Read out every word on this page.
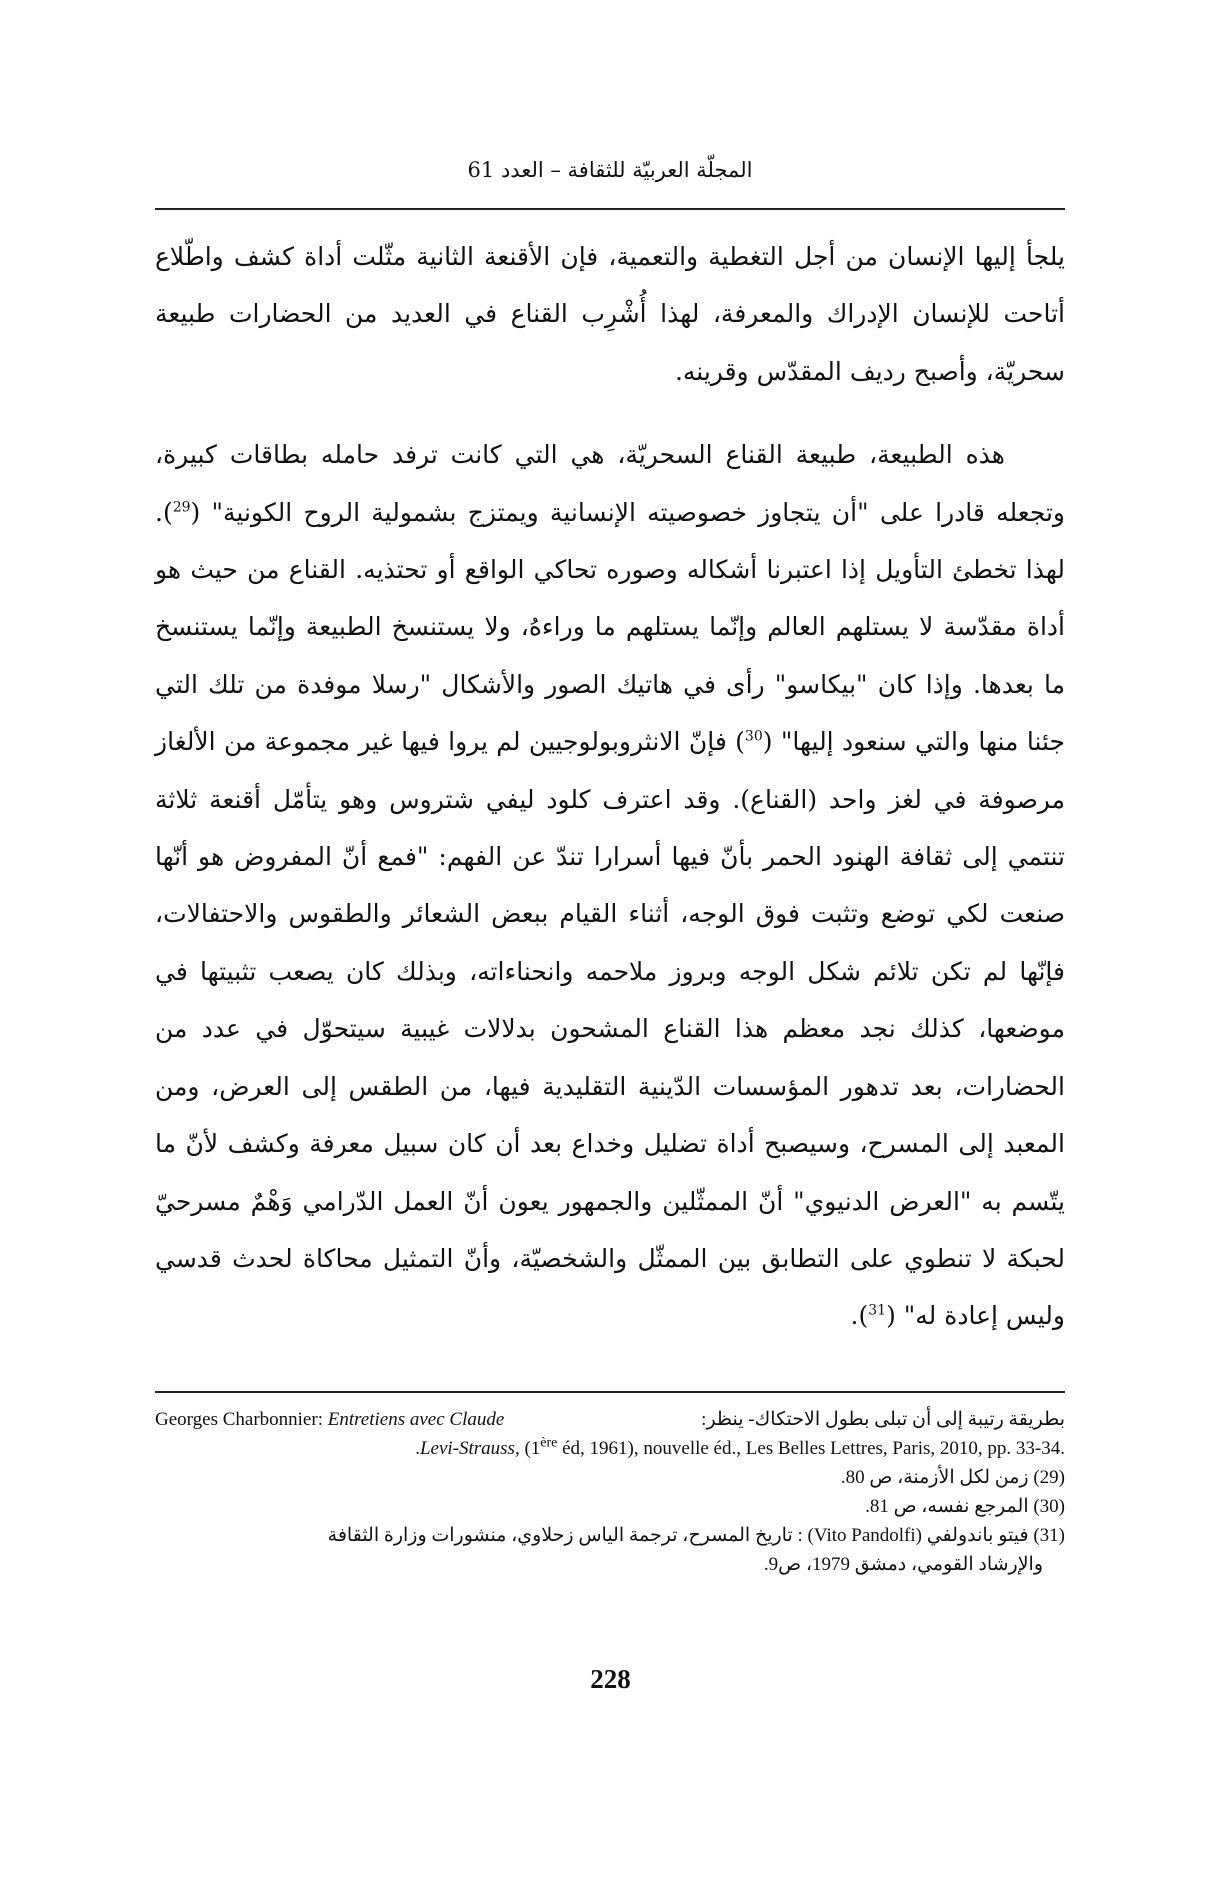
المجلّة العربيّة للثقافة – العدد 61

يلجأ إليها الإنسان من أجل التغطية والتعمية، فإن الأقنعة الثانية مثّلت أداة كشف واطّلاع أتاحت للإنسان الإدراك والمعرفة، لهذا أُشْرِب القناع في العديد من الحضارات طبيعة سحريّة، وأصبح رديف المقدّس وقرينه.

هذه الطبيعة، طبيعة القناع السحريّة، هي التي كانت ترفد حامله بطاقات كبيرة، وتجعله قادرا على "أن يتجاوز خصوصيته الإنسانية ويمتزج بشمولية الروح الكونية" ($^{29}$). لهذا تخطئ التأويل إذا اعتبرنا أشكاله وصوره تحاكي الواقع أو تحتذيه. القناع من حيث هو أداة مقدّسة لا يستلهم العالم وإنّما يستلهم ما وراءهُ، ولا يستنسخ الطبيعة وإنّما يستنسخ ما بعدها. وإذا كان "بيكاسو" رأى في هاتيك الصور والأشكال "رسلا موفدة من تلك التي جئنا منها والتي سنعود إليها" ($^{30}$) فإنّ الانثروبولوجيين لم يروا فيها غير مجموعة من الألغاز مرصوفة في لغز واحد (القناع). وقد اعترف كلود ليفي شتروس وهو يتأمّل أقنعة ثلاثة تنتمي إلى ثقافة الهنود الحمر بأنّ فيها أسرارا تندّ عن الفهم: "فمع أنّ المفروض هو أنّها صنعت لكي توضع وتثبت فوق الوجه، أثناء القيام ببعض الشعائر والطقوس والاحتفالات، فإنّها لم تكن تلائم شكل الوجه وبروز ملاحمه وانحناءاته، وبذلك كان يصعب تثبيتها في موضعها، كذلك نجد معظم هذا القناع المشحون بدلالات غيبية سيتحوّل في عدد من الحضارات، بعد تدهور المؤسسات الدّينية التقليدية فيها، من الطقس إلى العرض، ومن المعبد إلى المسرح، وسيصبح أداة تضليل وخداع بعد أن كان سبيل معرفة وكشف لأنّ ما يتّسم به "العرض الدنيوي" أنّ الممثّلين والجمهور يعون أنّ العمل الدّرامي وَهْمٌ مسرحيّ لحبكة لا تنطوي على التطابق بين الممثّل والشخصيّة، وأنّ التمثيل محاكاة لحدث قدسي وليس إعادة له" ($^{31}$).

بطريقة رتيبة إلى أن تبلى بطول الاحتكاك- ينظر:
Georges Charbonnier: Entretiens avec Claude
.Levi-Strauss, (1ère éd, 1961), nouvelle éd., Les Belles Lettres, Paris, 2010, pp. 33-34.
(29) زمن لكل الأزمنة، ص 80.
(30) المرجع نفسه، ص 81.
(31) فيتو باندولفي (Vito Pandolfi) : تاريخ المسرح، ترجمة الياس زحلاوي، منشورات وزارة الثقافة
والإرشاد القومي، دمشق 1979، ص9.
228
